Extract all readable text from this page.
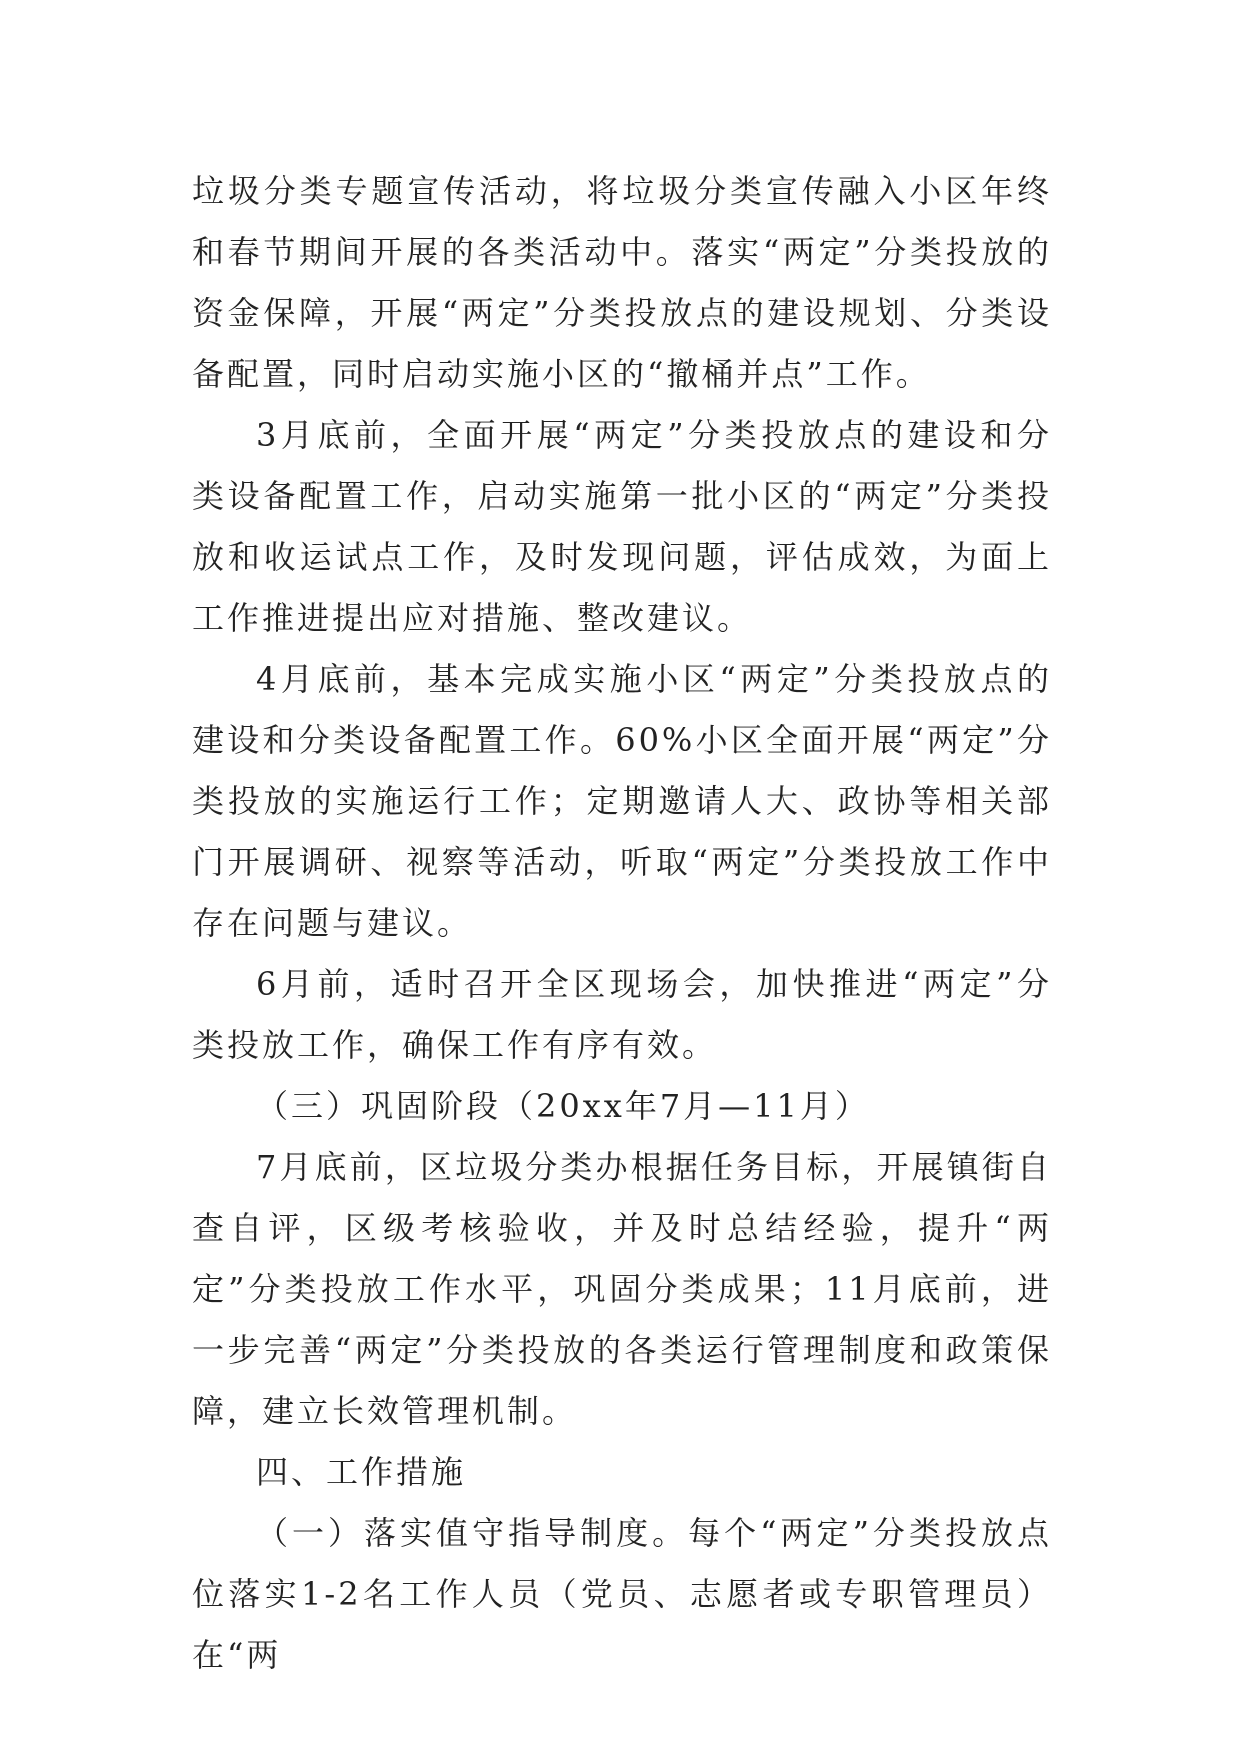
垃圾分类专题宣传活动，将垃圾分类宣传融入小区年终和春节期间开展的各类活动中。落实“两定”分类投放的资金保障，开展“两定”分类投放点的建设规划、分类设备配置，同时启动实施小区的“撤桶并点”工作。

3月底前，全面开展“两定”分类投放点的建设和分类设备配置工作，启动实施第一批小区的“两定”分类投放和收运试点工作，及时发现问题，评估成效，为面上工作推进提出应对措施、整改建议。

4月底前，基本完成实施小区“两定”分类投放点的建设和分类设备配置工作。60%小区全面开展“两定”分类投放的实施运行工作；定期邀请人大、政协等相关部门开展调研、视察等活动，听取“两定”分类投放工作中存在问题与建议。

6月前，适时召开全区现场会，加快推进“两定”分类投放工作，确保工作有序有效。

（三）巩固阶段（20xx年7月—11月）

7月底前，区垃圾分类办根据任务目标，开展镇街自查自评，区级考核验收，并及时总结经验，提升“两定”分类投放工作水平，巩固分类成果；11月底前，进一步完善“两定”分类投放的各类运行管理制度和政策保障，建立长效管理机制。

四、工作措施

（一）落实值守指导制度。每个“两定”分类投放点位落实1-2名工作人员（党员、志愿者或专职管理员）在“两
